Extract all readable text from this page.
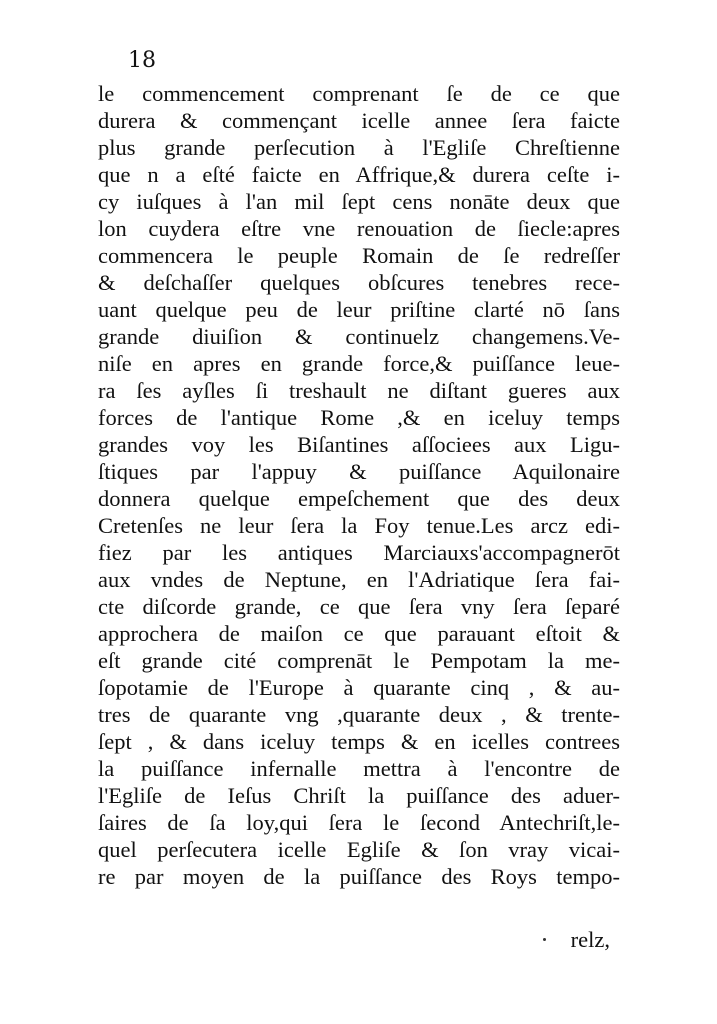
18
le commencement comprenant ſe de ce que
durera & commençant icelle annee ſera faicte
plus grande perſecution à l'Egliſe Chreſtienne
que n a eſté faicte en Affrique,& durera ceſte i-
cy iuſques à l'an mil ſept cens nonāte deux que
lon cuydera eſtre vne renouation de ſiecle:apres
commencera le peuple Romain de ſe redreſſer
& deſchaſſer quelques obſcures tenebres rece-
uant quelque peu de leur priſtine clarté nō ſans
grande diuiſion & continuelz changemens.Ve-
niſe en apres en grande force,& puiſſance leue-
ra ſes ayſles ſi treshault ne diſtant gueres aux
forces de l'antique Rome ,& en iceluy temps
grandes voy les Biſantines aſſociees aux Ligu-
ſtiques par l'appuy & puiſſance Aquilonaire
donnera quelque empeſchement que des deux
Cretenſes ne leur ſera la Foy tenue.Les arcz edi-
fiez par les antiques Marciauxs'accompagnerōt
aux vndes de Neptune, en l'Adriatique ſera fai-
cte diſcorde grande, ce que ſera vny ſera ſeparé
approchera de maiſon ce que parauant eſtoit &
eſt grande cité comprenāt le Pempotam la me-
ſopotamie de l'Europe à quarante cinq , & au-
tres de quarante vng ,quarante deux , & trente-
ſept , & dans iceluy temps & en icelles contrees
la puiſſance infernalle mettra à l'encontre de
l'Egliſe de Ieſus Chriſt la puiſſance des aduer-
ſaires de ſa loy,qui ſera le ſecond Antechriſt,le-
quel perſecutera icelle Egliſe & ſon vray vicai-
re par moyen de la puiſſance des Roys tempo-
relz,
